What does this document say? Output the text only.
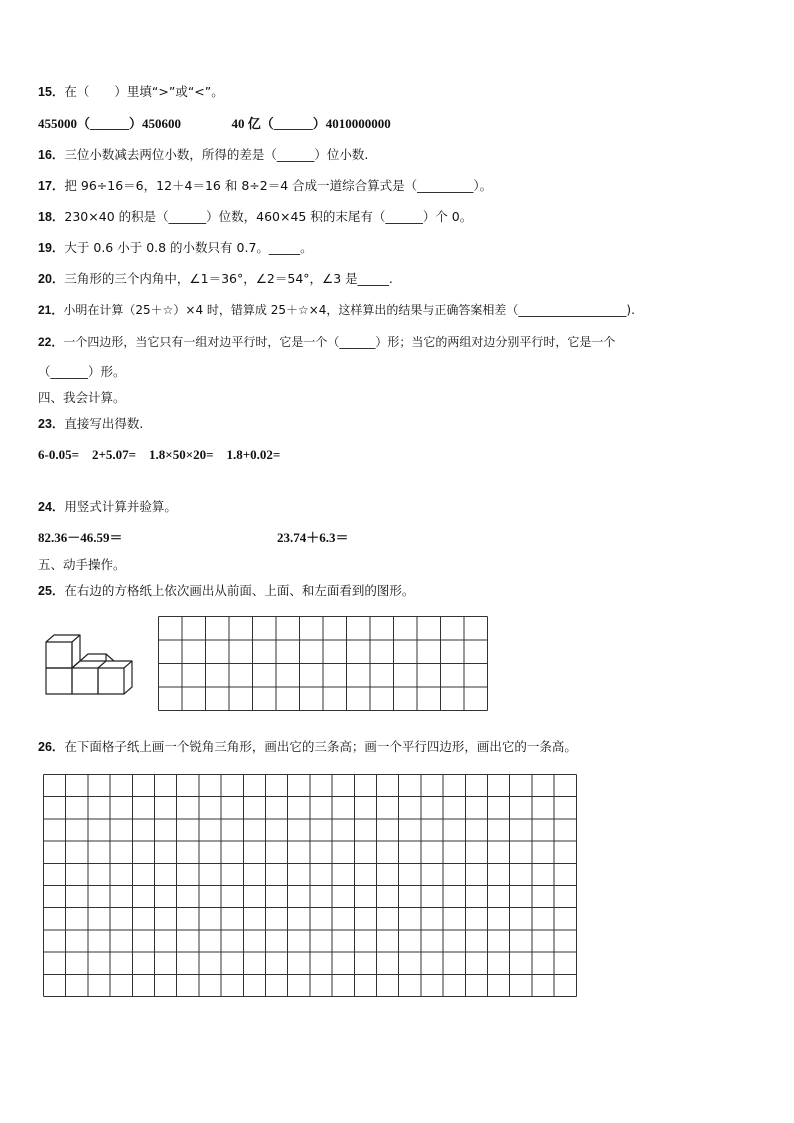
15．在（　　）里填“>”或“<”。
455000（______）450600	40 亿（______）4010000000
16．三位小数减去两位小数，所得的差是（______）位小数.
17．把 96÷16＝6，12＋4＝16 和 8÷2＝4 合成一道综合算式是（_________）。
18．230×40 的积是（______）位数，460×45 积的末尾有（______）个 0。
19．大于 0.6 小于 0.8 的小数只有 0.7。_____。
20．三角形的三个内角中，∠1＝36°，∠2＝54°，∠3 是_____.
21．小明在计算（25＋☆）×4 时，错算成 25＋☆×4，这样算出的结果与正确答案相差（__________________).
22．一个四边形，当它只有一组对边平行时，它是一个（______）形；当它的两组对边分别平行时，它是一个
（______）形。
四、我会计算。
23．直接写出得数.
6-0.05=　2+5.07=　1.8×50×20=　1.8+0.02=
24．用竖式计算并验算。
82.36－46.59＝	23.74＋6.3＝
五、动手操作。
25．在右边的方格纸上依次画出从前面、上面、和左面看到的图形。
26．在下面格子纸上画一个锐角三角形，画出它的三条高；画一个平行四边形，画出它的一条高。
